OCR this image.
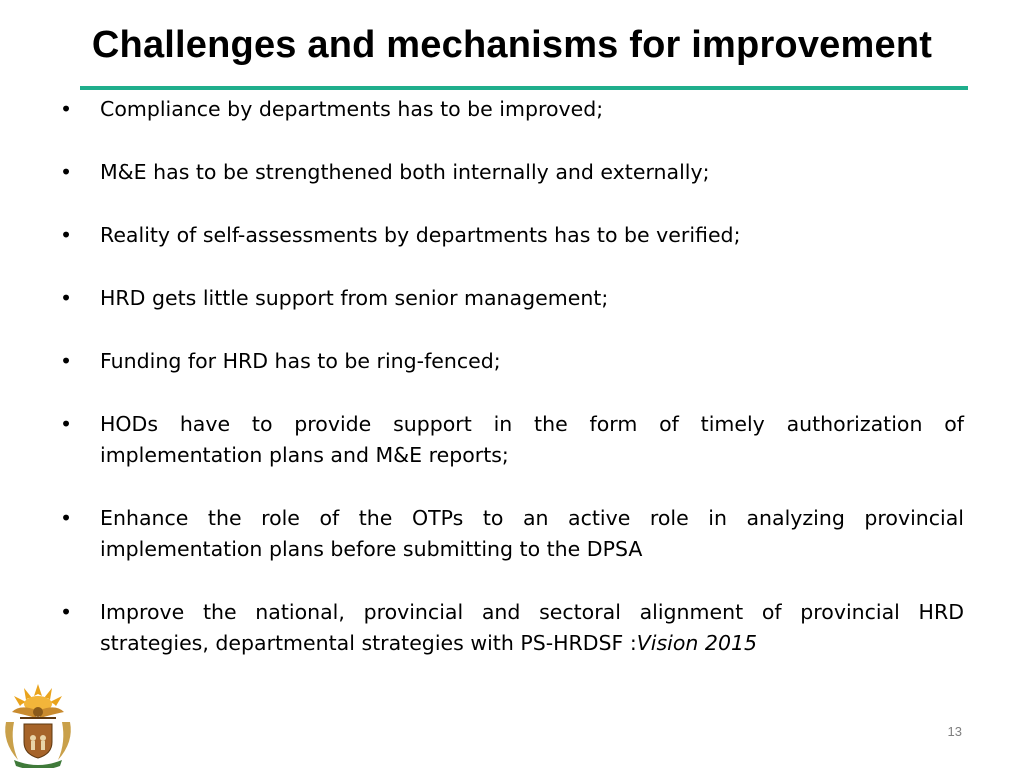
Challenges and mechanisms for improvement
• Compliance by departments has to be improved;
• M&E has to be strengthened both internally and externally;
• Reality of self-assessments by departments has to be verified;
• HRD gets little support from senior management;
• Funding for HRD has to be ring-fenced;
• HODs have to provide support in the form of timely authorization of implementation plans and M&E reports;
• Enhance the role of the OTPs to an active role in analyzing provincial implementation plans before submitting to the DPSA
• Improve the national, provincial and sectoral alignment of provincial HRD strategies, departmental strategies with PS-HRDSF :Vision 2015
13
